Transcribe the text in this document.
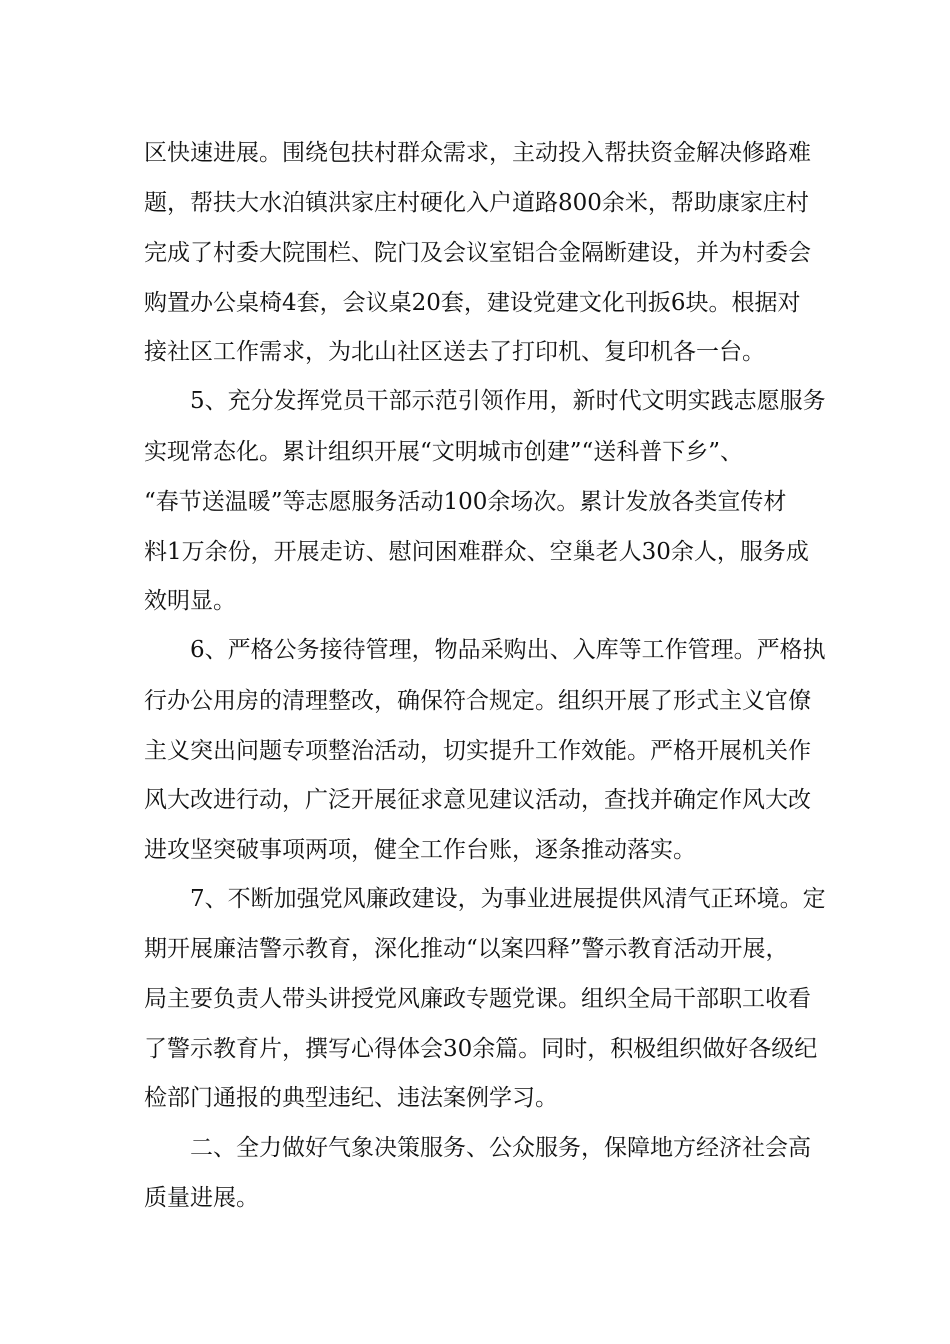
区快速进展。围绕包扶村群众需求，主动投入帮扶资金解决修路难
题，帮扶大水泊镇洪家庄村硬化入户道路800余米，帮助康家庄村
完成了村委大院围栏、院门及会议室铝合金隔断建设，并为村委会
购置办公桌椅4套，会议桌20套，建设党建文化刊扳6块。根据对
接社区工作需求，为北山社区送去了打印机、复印机各一台。
5、充分发挥党员干部示范引领作用，新时代文明实践志愿服务
实现常态化。累计组织开展“文明城市创建”“送科普下乡”、
“春节送温暖”等志愿服务活动100余场次。累计发放各类宣传材
料1万余份，开展走访、慰问困难群众、空巢老人30余人，服务成
效明显。
6、严格公务接待管理，物品采购出、入库等工作管理。严格执
行办公用房的清理整改，确保符合规定。组织开展了形式主义官僚
主义突出问题专项整治活动，切实提升工作效能。严格开展机关作
风大改进行动，广泛开展征求意见建议活动，查找并确定作风大改
进攻坚突破事项两项，健全工作台账，逐条推动落实。
7、不断加强党风廉政建设，为事业进展提供风清气正环境。定
期开展廉洁警示教育，深化推动“以案四释”警示教育活动开展，
局主要负责人带头讲授党风廉政专题党课。组织全局干部职工收看
了警示教育片，撰写心得体会30余篇。同时，积极组织做好各级纪
检部门通报的典型违纪、违法案例学习。
二、全力做好气象决策服务、公众服务，保障地方经济社会高
质量进展。
